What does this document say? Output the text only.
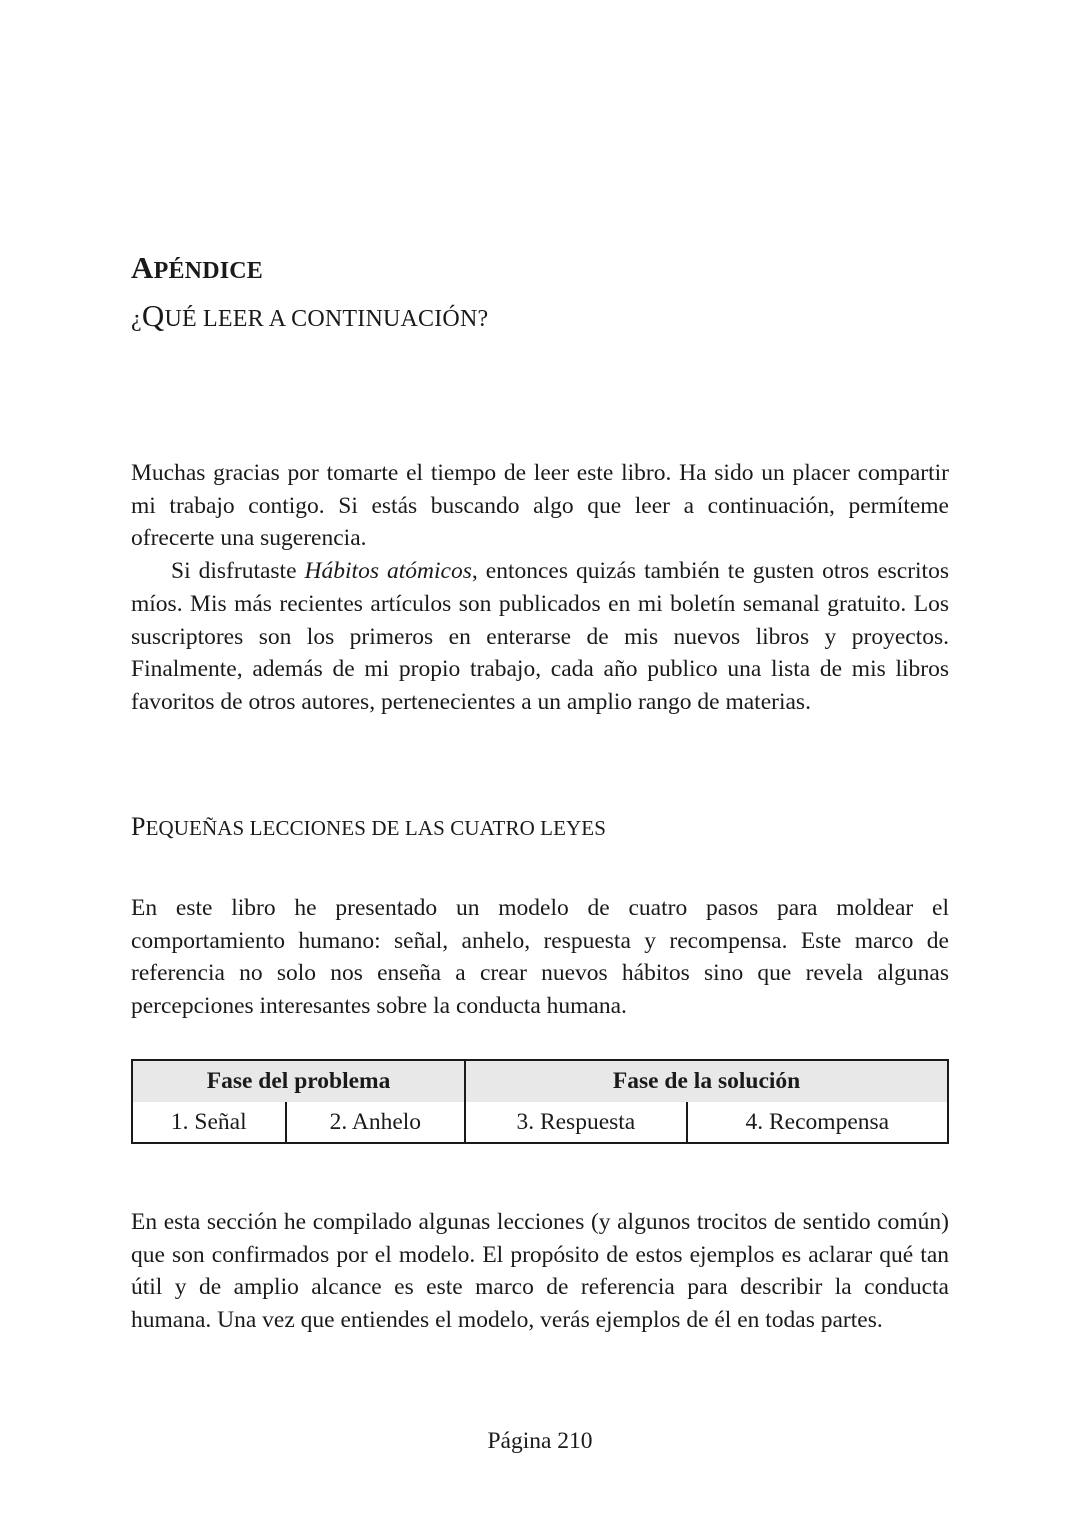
APÉNDICE
¿QUÉ LEER A CONTINUACIÓN?

Muchas gracias por tomarte el tiempo de leer este libro. Ha sido un placer compartir mi trabajo contigo. Si estás buscando algo que leer a continuación, permíteme ofrecerte una sugerencia.

Si disfrutaste Hábitos atómicos, entonces quizás también te gusten otros escritos míos. Mis más recientes artículos son publicados en mi boletín semanal gratuito. Los suscriptores son los primeros en enterarse de mis nuevos libros y proyectos. Finalmente, además de mi propio trabajo, cada año publico una lista de mis libros favoritos de otros autores, pertenecientes a un amplio rango de materias.

PEQUEÑAS LECCIONES DE LAS CUATRO LEYES

En este libro he presentado un modelo de cuatro pasos para moldear el comportamiento humano: señal, anhelo, respuesta y recompensa. Este marco de referencia no solo nos enseña a crear nuevos hábitos sino que revela algunas percepciones interesantes sobre la conducta humana.

Fase del problema		Fase de la solución	
1. Señal	2. Anhelo	3. Respuesta	4. Recompensa

En esta sección he compilado algunas lecciones (y algunos trocitos de sentido común) que son confirmados por el modelo. El propósito de estos ejemplos es aclarar qué tan útil y de amplio alcance es este marco de referencia para describir la conducta humana. Una vez que entiendes el modelo, verás ejemplos de él en todas partes.

Página 210
